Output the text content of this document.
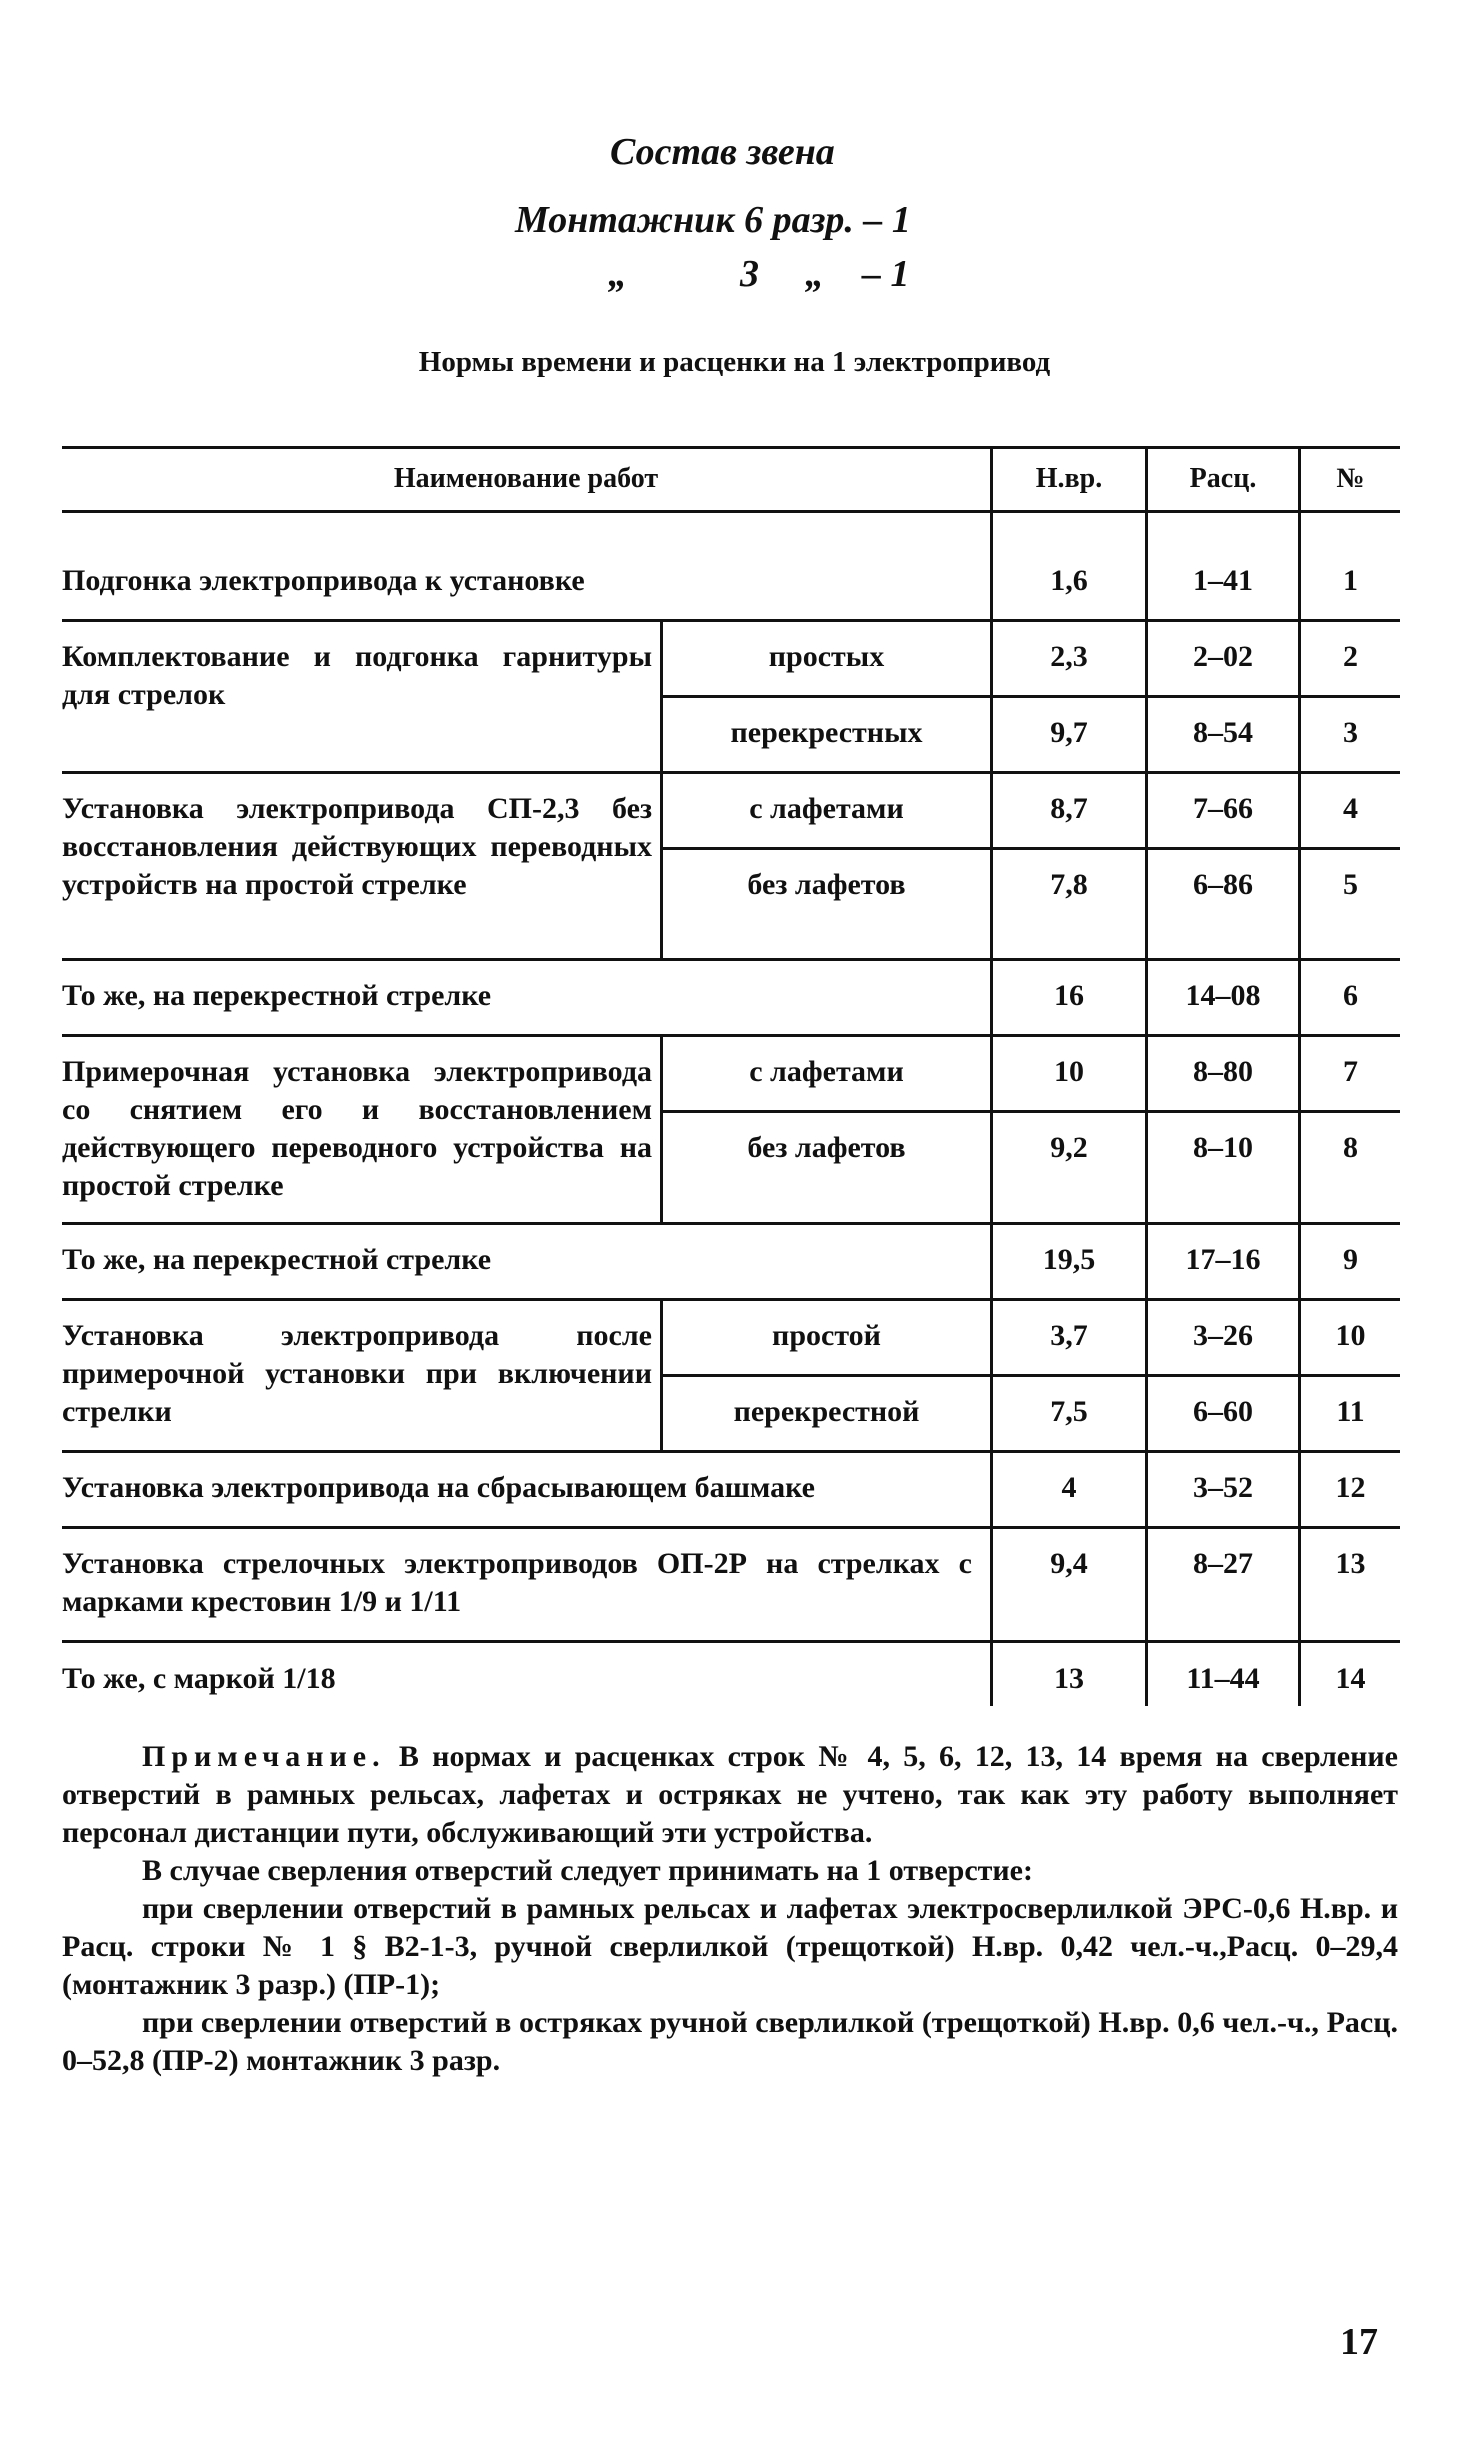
Состав звена
Монтажник 6 разр. – 1
„	3 „ – 1
Нормы времени и расценки на 1 электропривод
Наименование работ	Н.вр.	Расц.	№
Подгонка электропривода к установке	1,6	1–41	1
Комплектование и подгонка гарнитуры для стрелок
простых	2,3	2–02	2
перекрестных	9,7	8–54	3
Установка электропривода СП-2,3 без восстановления действующих переводных устройств на простой стрелке
с лафетами	8,7	7–66	4
без лафетов	7,8	6–86	5
То же, на перекрестной стрелке	16	14–08	6
Примерочная установка электропривода со снятием его и восстановлением действующего переводного устройства на простой стрелке
с лафетами	10	8–80	7
без лафетов	9,2	8–10	8
То же, на перекрестной стрелке	19,5	17–16	9
Установка электропривода после примерочной установки при включении стрелки
простой	3,7	3–26	10
перекрестной	7,5	6–60	11
Установка электропривода на сбрасывающем башмаке	4	3–52	12
Установка стрелочных электроприводов ОП-2Р на стрелках с марками крестовин 1/9 и 1/11
9,4	8–27	13
То же, с маркой 1/18	13	11–44	14

Примечание. В нормах и расценках строк № 4, 5, 6, 12, 13, 14 время на сверление отверстий в рамных рельсах, лафетах и остряках не учтено, так как эту работу выполняет персонал дистанции пути, обслуживающий эти устройства.

В случае сверления отверстий следует принимать на 1 отверстие:

при сверлении отверстий в рамных рельсах и лафетах электросверлилкой ЭРС-0,6 Н.вр. и Расц. строки № 1 § В2-1-3, ручной сверлилкой (трещоткой) Н.вр. 0,42 чел.-ч.,Расц. 0–29,4 (монтажник 3 разр.) (ПР-1);

при сверлении отверстий в остряках ручной сверлилкой (трещоткой) Н.вр. 0,6 чел.-ч., Расц. 0–52,8 (ПР-2) монтажник 3 разр.

17
